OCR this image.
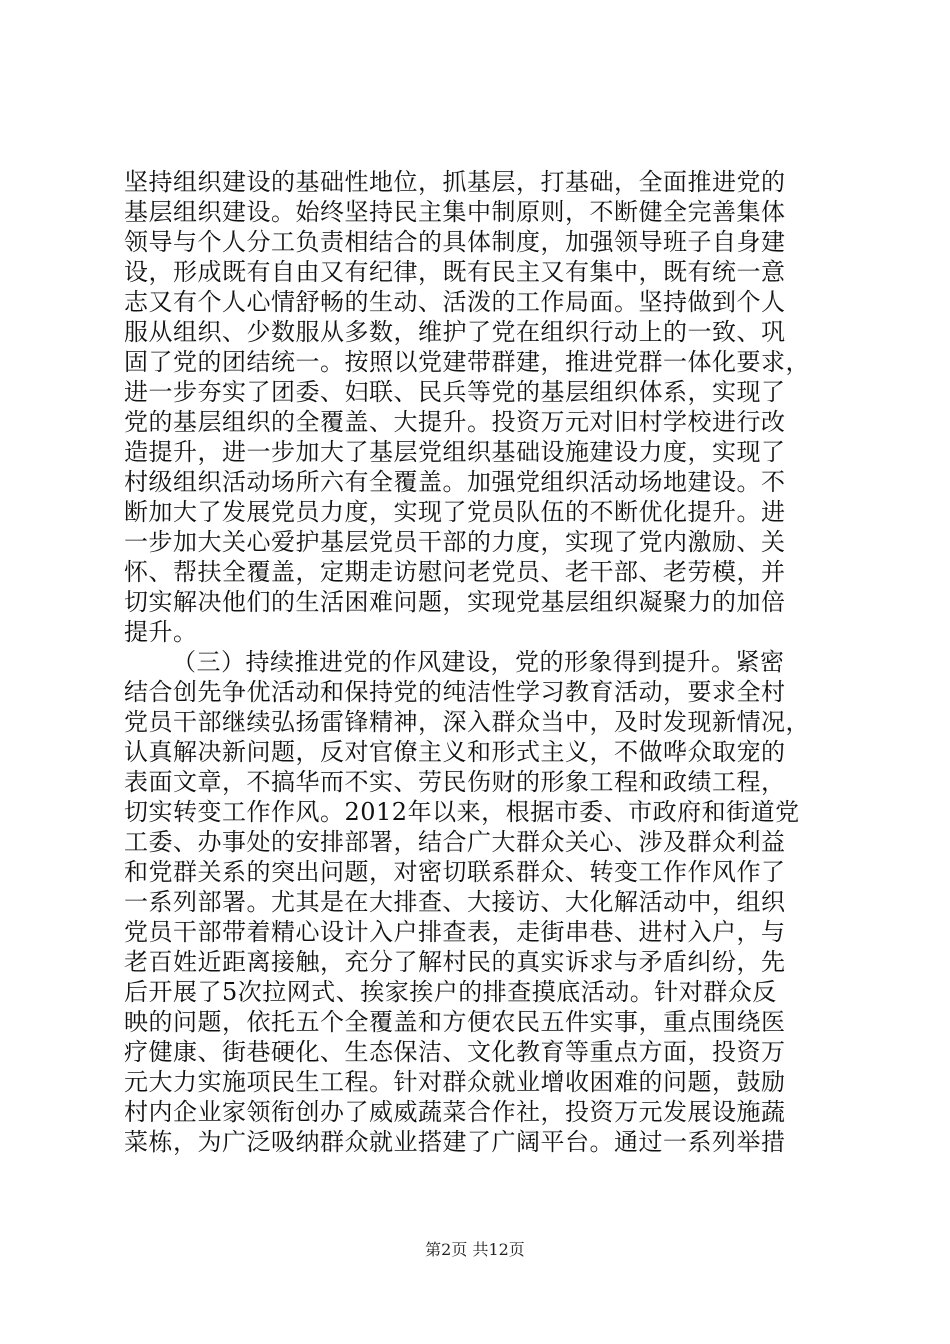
坚持组织建设的基础性地位，抓基层，打基础，全面推进党的
基层组织建设。始终坚持民主集中制原则，不断健全完善集体
领导与个人分工负责相结合的具体制度，加强领导班子自身建
设，形成既有自由又有纪律，既有民主又有集中，既有统一意
志又有个人心情舒畅的生动、活泼的工作局面。坚持做到个人
服从组织、少数服从多数，维护了党在组织行动上的一致、巩
固了党的团结统一。按照以党建带群建，推进党群一体化要求，
进一步夯实了团委、妇联、民兵等党的基层组织体系，实现了
党的基层组织的全覆盖、大提升。投资万元对旧村学校进行改
造提升，进一步加大了基层党组织基础设施建设力度，实现了
村级组织活动场所六有全覆盖。加强党组织活动场地建设。不
断加大了发展党员力度，实现了党员队伍的不断优化提升。进
一步加大关心爱护基层党员干部的力度，实现了党内激励、关
怀、帮扶全覆盖，定期走访慰问老党员、老干部、老劳模，并
切实解决他们的生活困难问题，实现党基层组织凝聚力的加倍
提升。
（三）持续推进党的作风建设，党的形象得到提升。紧密
结合创先争优活动和保持党的纯洁性学习教育活动，要求全村
党员干部继续弘扬雷锋精神，深入群众当中，及时发现新情况，
认真解决新问题，反对官僚主义和形式主义，不做哗众取宠的
表面文章，不搞华而不实、劳民伤财的形象工程和政绩工程，
切实转变工作作风。2012年以来，根据市委、市政府和街道党
工委、办事处的安排部署，结合广大群众关心、涉及群众利益
和党群关系的突出问题，对密切联系群众、转变工作作风作了
一系列部署。尤其是在大排查、大接访、大化解活动中，组织
党员干部带着精心设计入户排查表，走街串巷、进村入户，与
老百姓近距离接触，充分了解村民的真实诉求与矛盾纠纷，先
后开展了5次拉网式、挨家挨户的排查摸底活动。针对群众反
映的问题，依托五个全覆盖和方便农民五件实事，重点围绕医
疗健康、街巷硬化、生态保洁、文化教育等重点方面，投资万
元大力实施项民生工程。针对群众就业增收困难的问题，鼓励
村内企业家领衔创办了威威蔬菜合作社，投资万元发展设施蔬
菜栋，为广泛吸纳群众就业搭建了广阔平台。通过一系列举措
第2页 共12页
